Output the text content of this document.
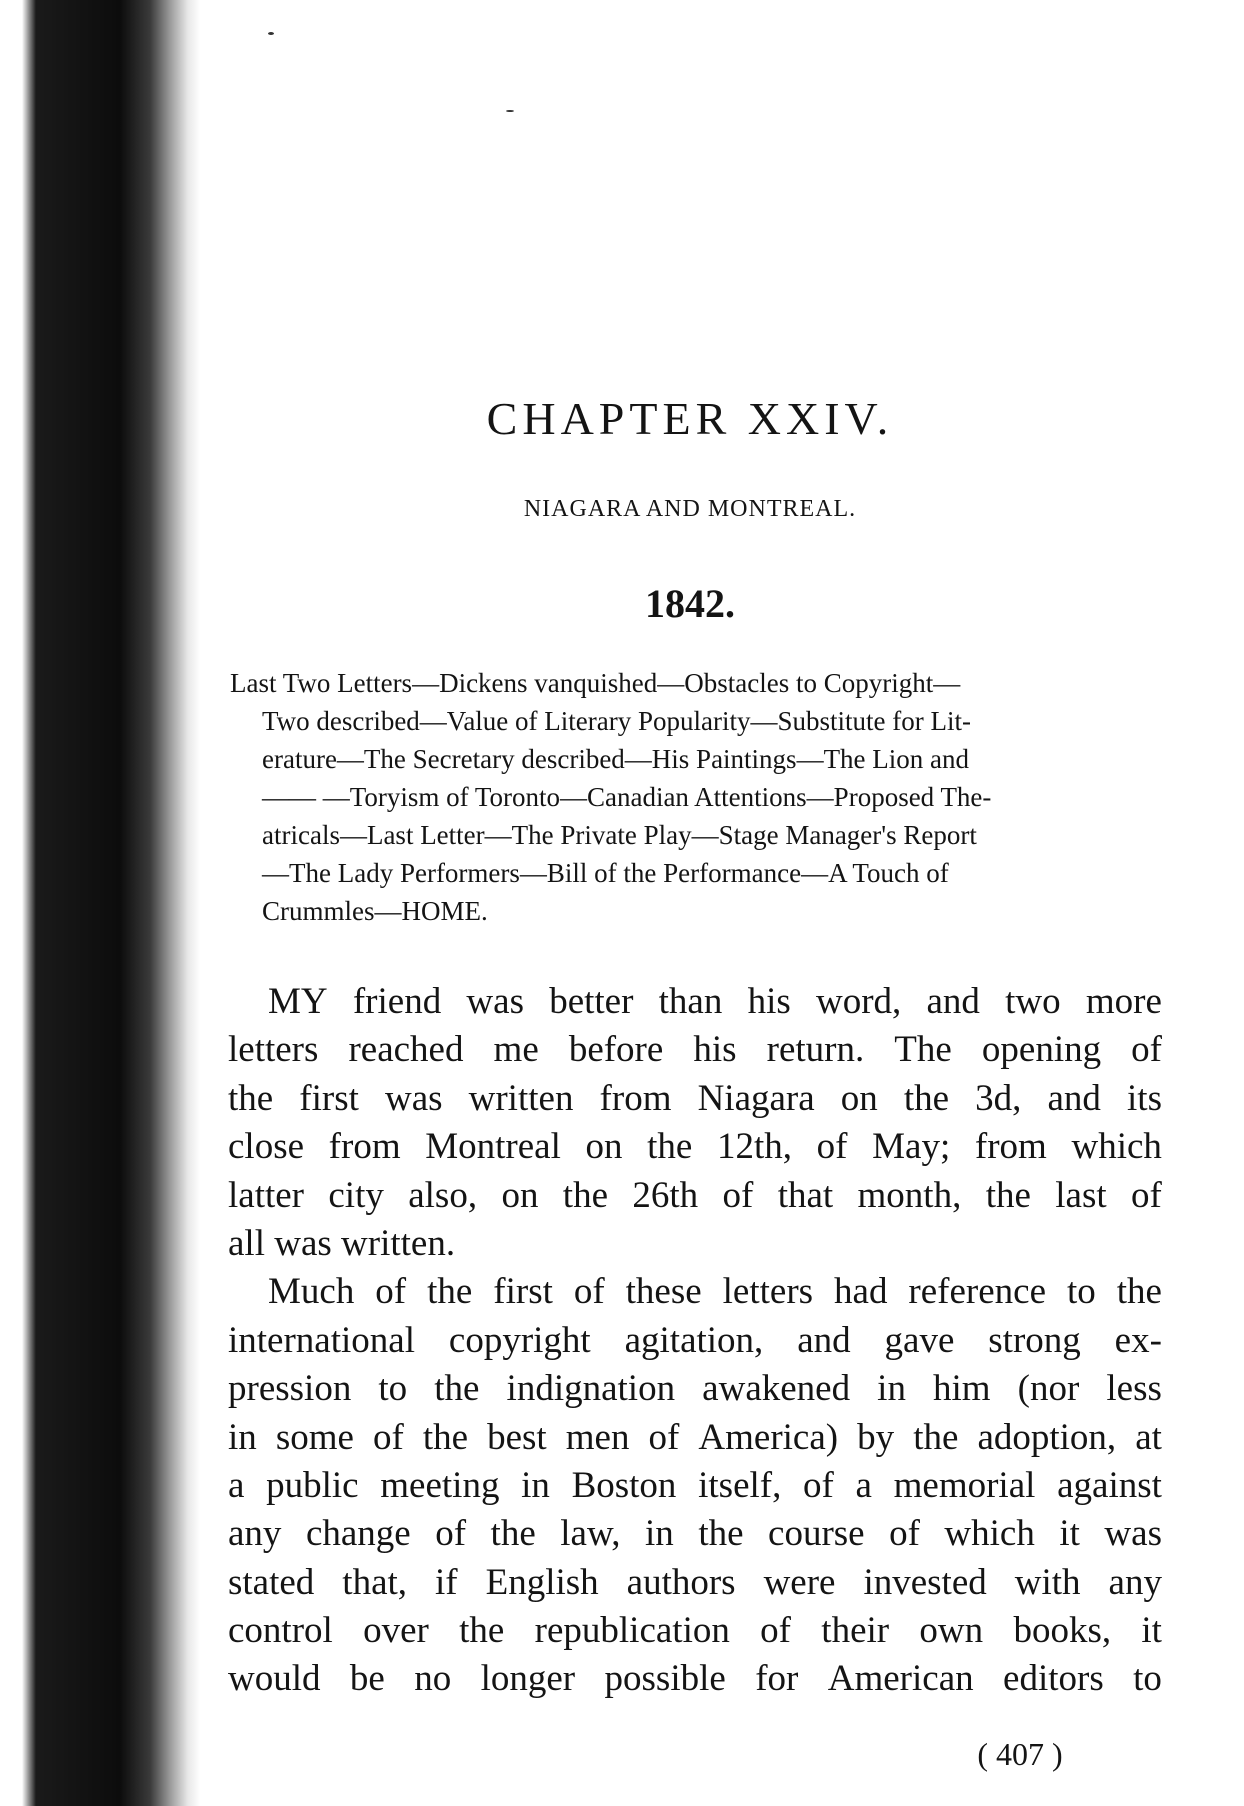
CHAPTER XXIV.
NIAGARA AND MONTREAL.
1842.
Last Two Letters—Dickens vanquished—Obstacles to Copyright—
Two described—Value of Literary Popularity—Substitute for Lit-
erature—The Secretary described—His Paintings—The Lion and
—— —Toryism of Toronto—Canadian Attentions—Proposed The-
atricals—Last Letter—The Private Play—Stage Manager's Report
—The Lady Performers—Bill of the Performance—A Touch of
Crummles—HOME.
MY friend was better than his word, and two more
letters reached me before his return. The opening of
the first was written from Niagara on the 3d, and its
close from Montreal on the 12th, of May; from which
latter city also, on the 26th of that month, the last of
all was written.
Much of the first of these letters had reference to the
international copyright agitation, and gave strong ex-
pression to the indignation awakened in him (nor less
in some of the best men of America) by the adoption, at
a public meeting in Boston itself, of a memorial against
any change of the law, in the course of which it was
stated that, if English authors were invested with any
control over the republication of their own books, it
would be no longer possible for American editors to
( 407 )
